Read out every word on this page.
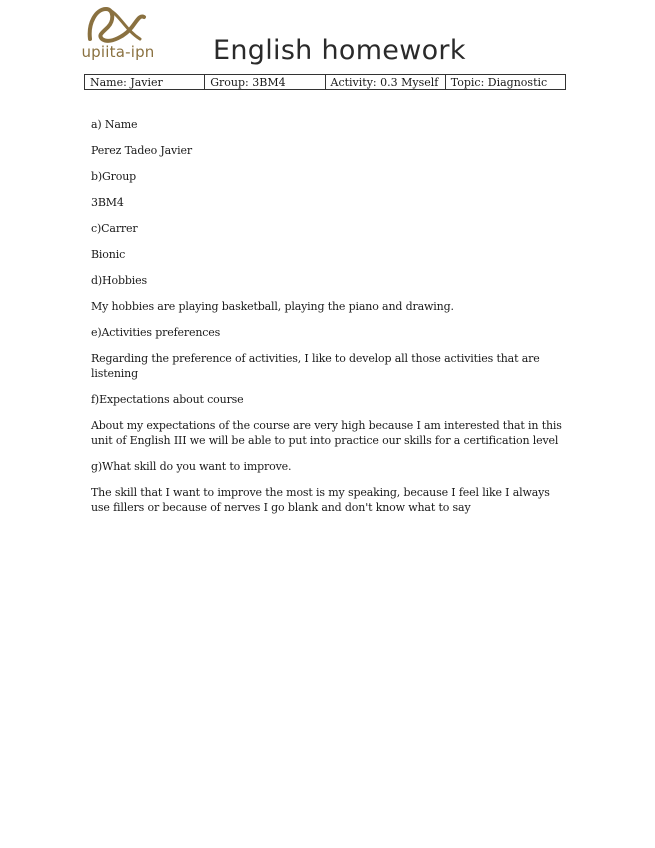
upiita-ipn English homework
Name: Javier	Group: 3BM4	Activity: 0.3 Myself	Topic: Diagnostic

a) Name

Perez Tadeo Javier

b)Group

3BM4

c)Carrer

Bionic

d)Hobbies

My hobbies are playing basketball, playing the piano and drawing.

e)Activities preferences

Regarding the preference of activities, I like to develop all those activities that are listening

f)Expectations about course

About my expectations of the course are very high because I am interested that in this unit of English III we will be able to put into practice our skills for a certification level

g)What skill do you want to improve.

The skill that I want to improve the most is my speaking, because I feel like I always use fillers or because of nerves I go blank and don't know what to say
